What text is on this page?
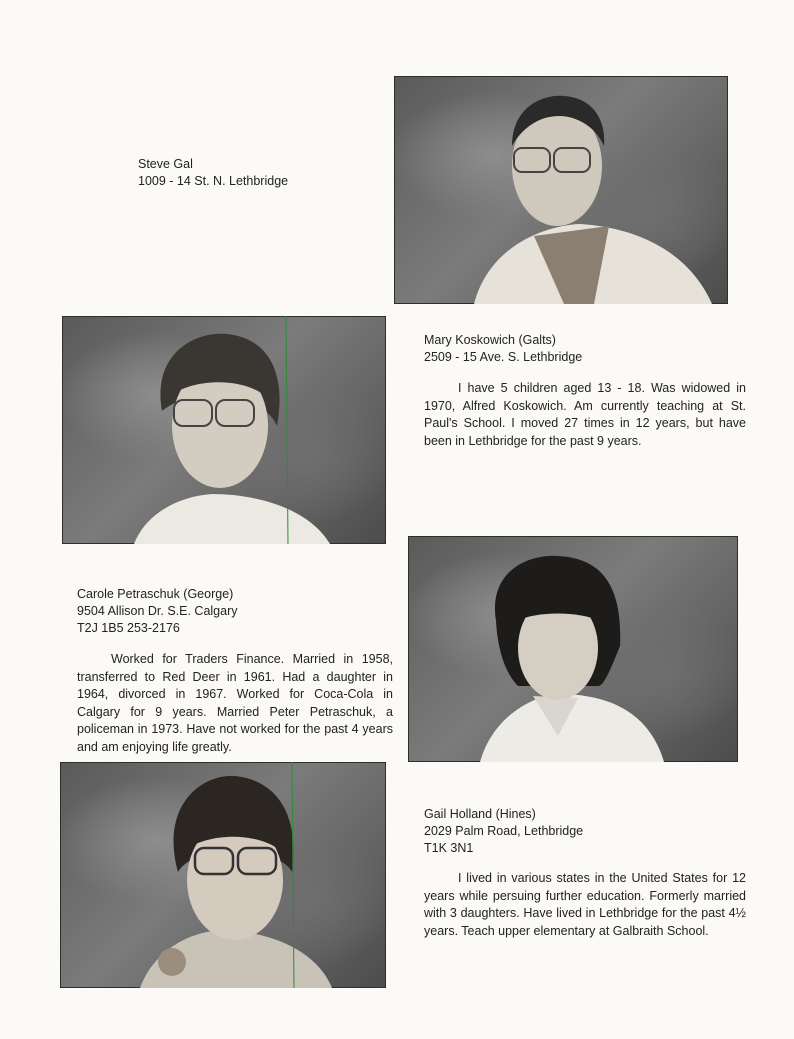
Steve Gal
1009 - 14 St. N. Lethbridge
Mary Koskowich (Galts)
2509 - 15 Ave. S. Lethbridge

I have 5 children aged 13 - 18. Was widowed in 1970, Alfred Koskowich. Am currently teaching at St. Paul's School. I moved 27 times in 12 years, but have been in Lethbridge for the past 9 years.

Carole Petraschuk (George)
9504 Allison Dr. S.E. Calgary
T2J 1B5 253-2176

Worked for Traders Finance. Married in 1958, transferred to Red Deer in 1961. Had a daughter in 1964, divorced in 1967. Worked for Coca-Cola in Calgary for 9 years. Married Peter Petraschuk, a policeman in 1973. Have not worked for the past 4 years and am enjoying life greatly.

Gail Holland (Hines)
2029 Palm Road, Lethbridge
T1K 3N1

I lived in various states in the United States for 12 years while persuing further education. Formerly married with 3 daughters. Have lived in Lethbridge for the past 4½ years. Teach upper elementary at Galbraith School.
